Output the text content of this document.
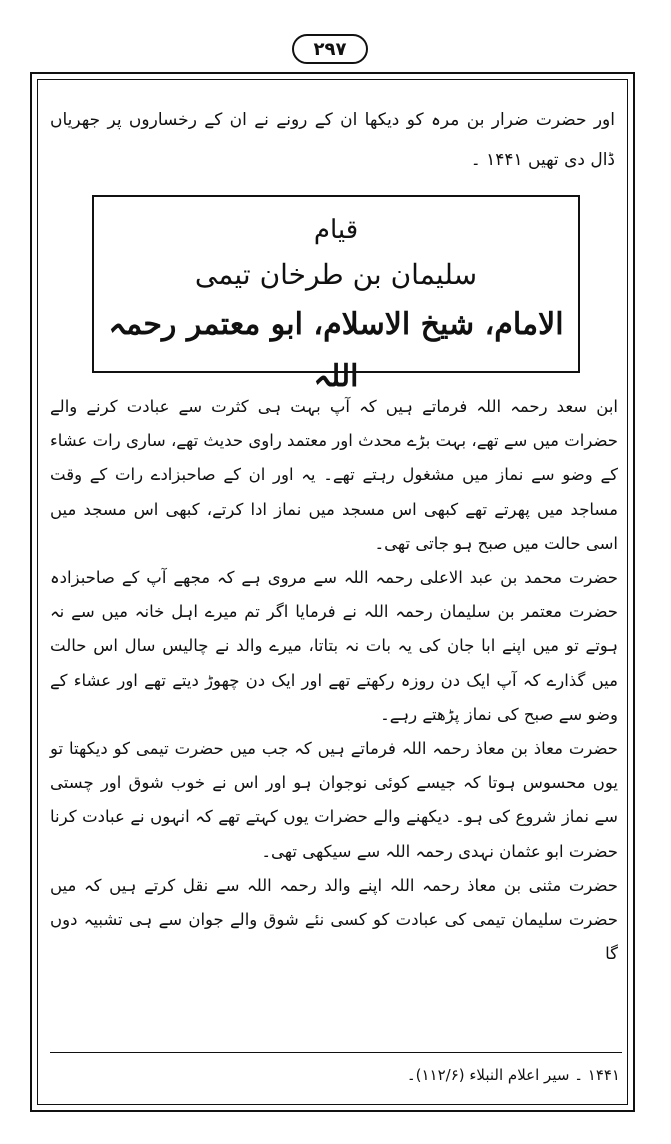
۲۹۷
اور حضرت ضرار بن مرہ کو دیکھا ان کے رونے نے ان کے رخساروں پر جھریاں ڈال دی تھیں ۱۴۴۱ ۔
قیام
سلیمان بن طرخان تیمی
الامام، شیخ الاسلام، ابو معتمر رحمہ اللہ
ابن سعد رحمہ اللہ فرماتے ہیں کہ آپ بہت ہی کثرت سے عبادت کرنے والے حضرات میں سے تھے، بہت بڑے محدث اور معتمد راوی حدیث تھے، ساری رات عشاء کے وضو سے نماز میں مشغول رہتے تھے۔ یہ اور ان کے صاحبزادے رات کے وقت مساجد میں پھرتے تھے کبھی اس مسجد میں نماز ادا کرتے، کبھی اس مسجد میں اسی حالت میں صبح ہو جاتی تھی۔
حضرت محمد بن عبد الاعلی رحمہ اللہ سے مروی ہے کہ مجھے آپ کے صاحبزادہ حضرت معتمر بن سلیمان رحمہ اللہ نے فرمایا اگر تم میرے اہل خانہ میں سے نہ ہوتے تو میں اپنے ابا جان کی یہ بات نہ بتاتا، میرے والد نے چالیس سال اس حالت میں گذارے کہ آپ ایک دن روزہ رکھتے تھے اور ایک دن چھوڑ دیتے تھے اور عشاء کے وضو سے صبح کی نماز پڑھتے رہے۔
حضرت معاذ بن معاذ رحمہ اللہ فرماتے ہیں کہ جب میں حضرت تیمی کو دیکھتا تو یوں محسوس ہوتا کہ جیسے کوئی نوجوان ہو اور اس نے خوب شوق اور چستی سے نماز شروع کی ہو۔ دیکھنے والے حضرات یوں کہتے تھے کہ انہوں نے عبادت کرنا حضرت ابو عثمان نہدی رحمہ اللہ سے سیکھی تھی۔
حضرت مثنی بن معاذ رحمہ اللہ اپنے والد رحمہ اللہ سے نقل کرتے ہیں کہ میں حضرت سلیمان تیمی کی عبادت کو کسی نئے شوق والے جوان سے ہی تشبیہ دوں گا
۱۴۴۱ ۔ سیر اعلام النبلاء (۱۱۲/۶)۔
